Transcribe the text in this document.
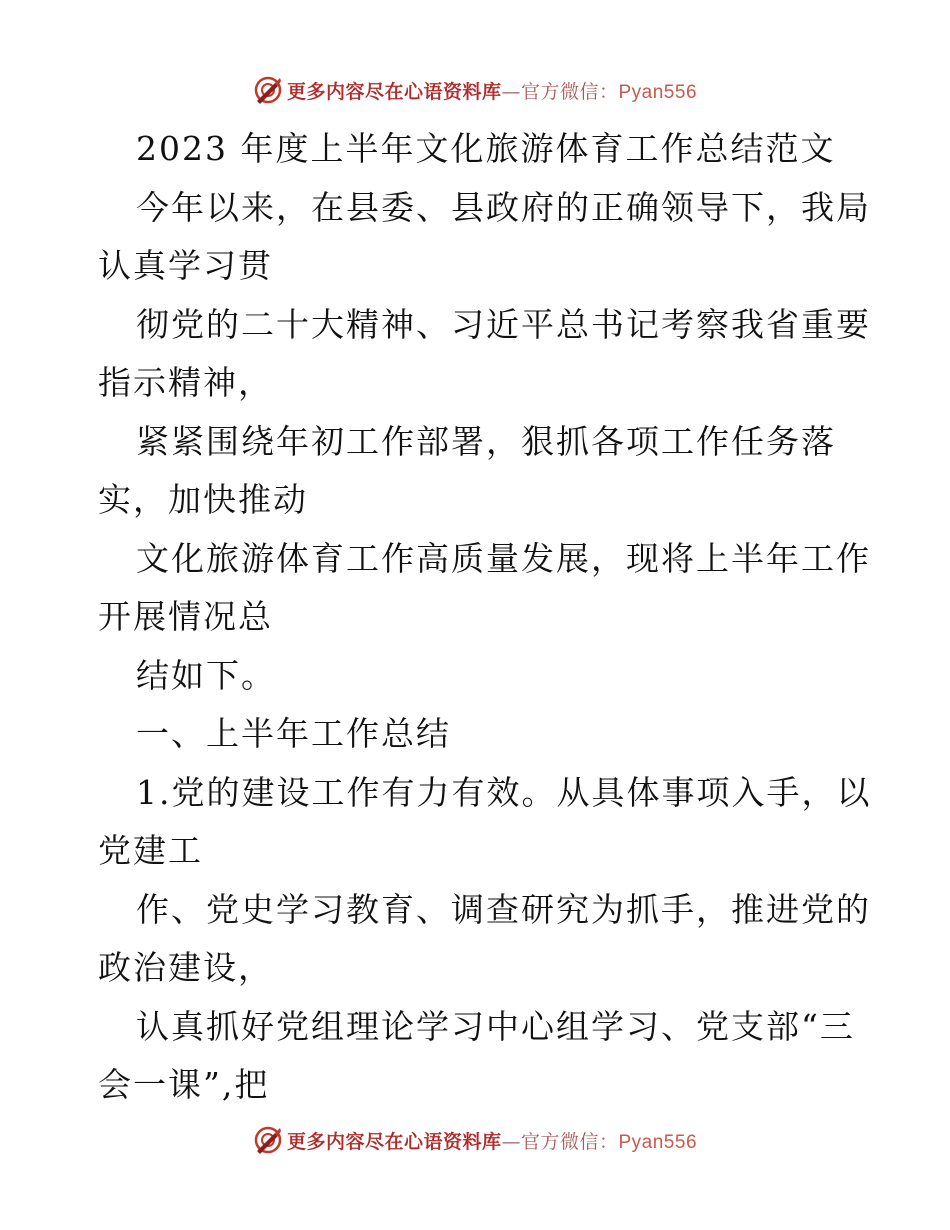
更多内容尽在心语资料库—官方微信：Pyan556
2023 年度上半年文化旅游体育工作总结范文
今年以来，在县委、县政府的正确领导下，我局
认真学习贯
彻党的二十大精神、习近平总书记考察我省重要
指示精神，
紧紧围绕年初工作部署，狠抓各项工作任务落
实，加快推动
文化旅游体育工作高质量发展，现将上半年工作
开展情况总
结如下。
一、上半年工作总结
1.党的建设工作有力有效。从具体事项入手，以
党建工
作、党史学习教育、调查研究为抓手，推进党的
政治建设，
认真抓好党组理论学习中心组学习、党支部“三
会一课”,把
更多内容尽在心语资料库—官方微信：Pyan556
